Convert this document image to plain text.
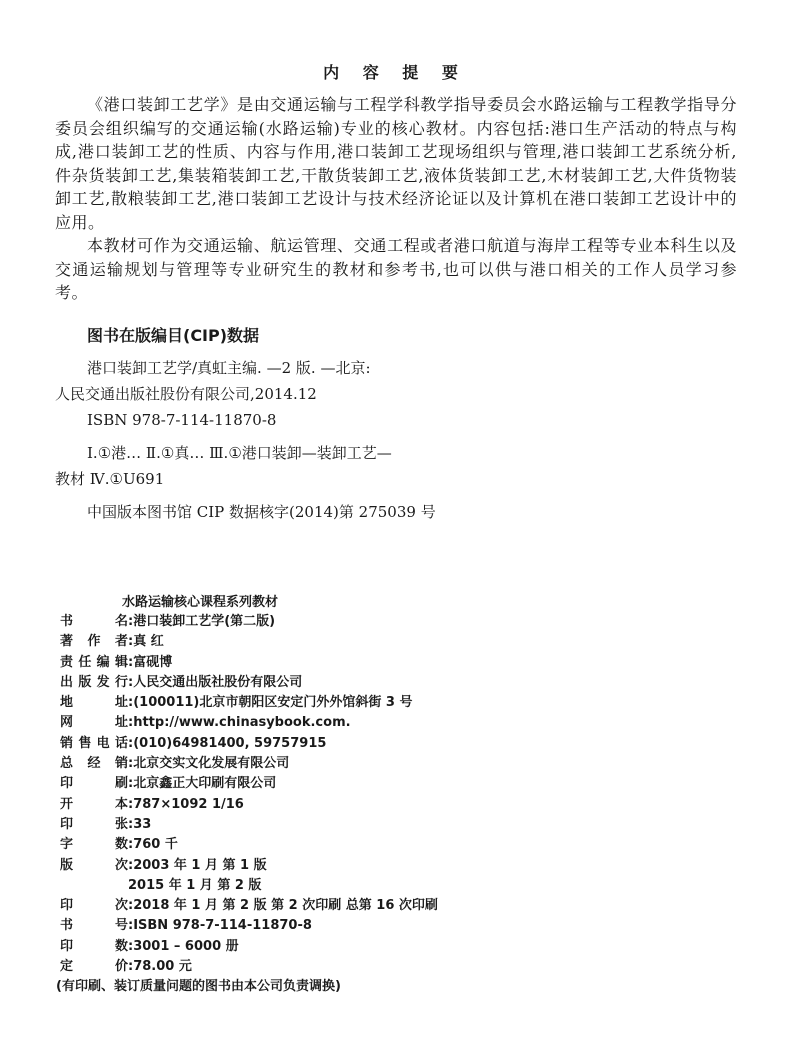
内 容 提 要

《港口装卸工艺学》是由交通运输与工程学科教学指导委员会水路运输与工程教学指导分委员会组织编写的交通运输(水路运输)专业的核心教材。内容包括:港口生产活动的特点与构成,港口装卸工艺的性质、内容与作用,港口装卸工艺现场组织与管理,港口装卸工艺系统分析,件杂货装卸工艺,集装箱装卸工艺,干散货装卸工艺,液体货装卸工艺,木材装卸工艺,大件货物装卸工艺,散粮装卸工艺,港口装卸工艺设计与技术经济论证以及计算机在港口装卸工艺设计中的应用。

本教材可作为交通运输、航运管理、交通工程或者港口航道与海岸工程等专业本科生以及交通运输规划与管理等专业研究生的教材和参考书,也可以供与港口相关的工作人员学习参考。

图书在版编目(CIP)数据
港口装卸工艺学/真虹主编. —2 版. —北京:
人民交通出版社股份有限公司,2014.12
ISBN 978-7-114-11870-8
Ⅰ.①港… Ⅱ.①真… Ⅲ.①港口装卸—装卸工艺—
教材 Ⅳ.①U691
中国版本图书馆 CIP 数据核字(2014)第 275039 号
水路运输核心课程系列教材
书名:港口装卸工艺学(第二版)
著作者:真 红
责任编辑:富砚博
出版发行:人民交通出版社股份有限公司
地址:(100011)北京市朝阳区安定门外外馆斜街 3 号
网址:http://www.chinasybook.com.
销售电话:(010)64981400, 59757915
总经销:北京交实文化发展有限公司
印刷:北京鑫正大印刷有限公司
开本:787×1092 1/16
印张:33
字数:760 千
版次:2003 年 1 月 第 1 版
2015 年 1 月 第 2 版
印次:2018 年 1 月 第 2 版 第 2 次印刷 总第 16 次印刷
书号:ISBN 978-7-114-11870-8
印数:3001 – 6000 册
定价:78.00 元
(有印刷、装订质量问题的图书由本公司负责调换)
